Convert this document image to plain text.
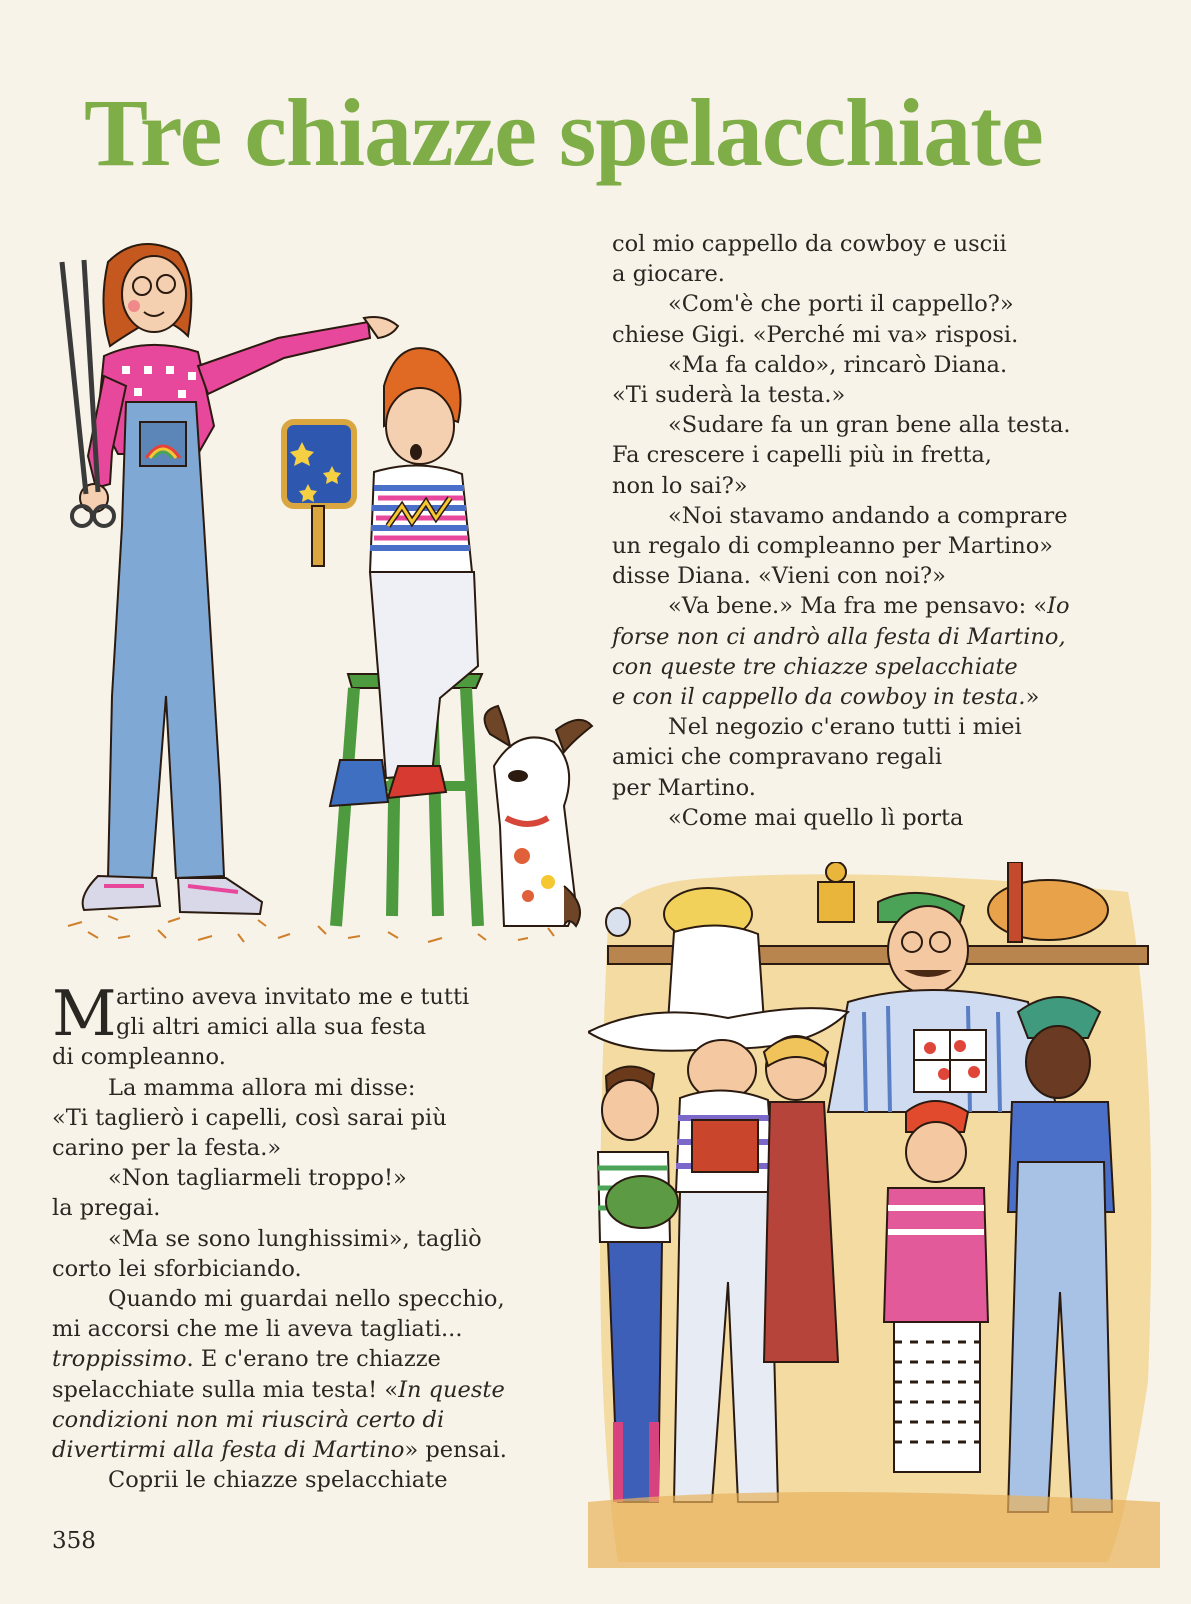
Tre chiazze spelacchiate
col mio cappello da cowboy e uscii
a giocare.
«Com'è che porti il cappello?»
chiese Gigi. «Perché mi va» risposi.
«Ma fa caldo», rincarò Diana.
«Ti suderà la testa.»
«Sudare fa un gran bene alla testa.
Fa crescere i capelli più in fretta,
non lo sai?»
«Noi stavamo andando a comprare
un regalo di compleanno per Martino»
disse Diana. «Vieni con noi?»
«Va bene.» Ma fra me pensavo: «Io
forse non ci andrò alla festa di Martino,
con queste tre chiazze spelacchiate
e con il cappello da cowboy in testa.»
Nel negozio c'erano tutti i miei
amici che compravano regali
per Martino.
«Come mai quello lì porta
M artino aveva invitato me e tutti
gli altri amici alla sua festa
di compleanno.
La mamma allora mi disse:
«Ti taglierò i capelli, così sarai più
carino per la festa.»
«Non tagliarmeli troppo!»
la pregai.
«Ma se sono lunghissimi», tagliò
corto lei sforbiciando.
Quando mi guardai nello specchio,
mi accorsi che me li aveva tagliati...
troppissimo. E c'erano tre chiazze
spelacchiate sulla mia testa! «In queste
condizioni non mi riuscirà certo di
divertirmi alla festa di Martino» pensai.
Coprii le chiazze spelacchiate
358
